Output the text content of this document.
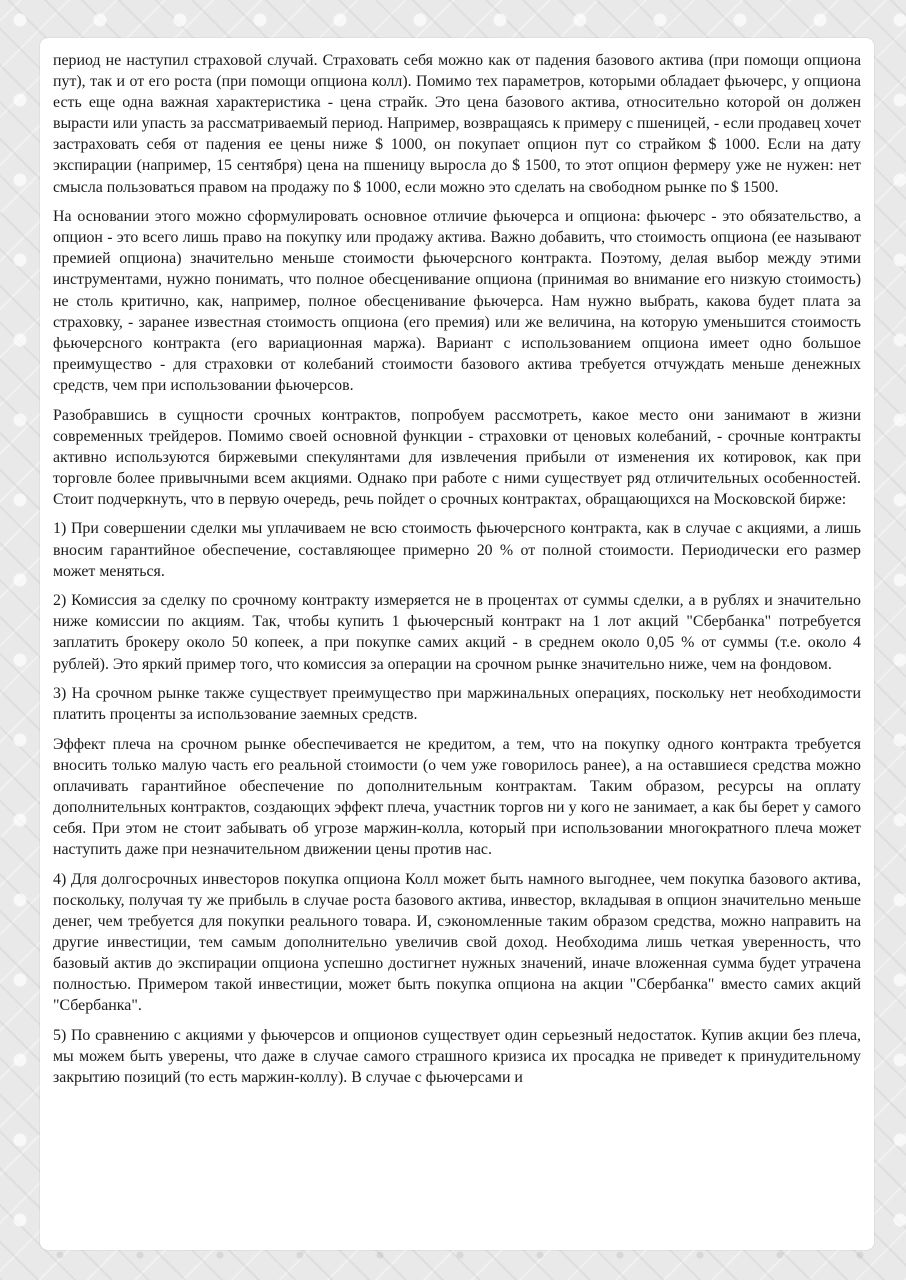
период не наступил страховой случай. Страховать себя можно как от падения базового актива (при помощи опциона пут), так и от его роста (при помощи опциона колл). Помимо тех параметров, которыми обладает фьючерс, у опциона есть еще одна важная характеристика - цена страйк. Это цена базового актива, относительно которой он должен вырасти или упасть за рассматриваемый период. Например, возвращаясь к примеру с пшеницей, - если продавец хочет застраховать себя от падения ее цены ниже $ 1000, он покупает опцион пут со страйком $ 1000. Если на дату экспирации (например, 15 сентября) цена на пшеницу выросла до $ 1500, то этот опцион фермеру уже не нужен: нет смысла пользоваться правом на продажу по $ 1000, если можно это сделать на свободном рынке по $ 1500.

На основании этого можно сформулировать основное отличие фьючерса и опциона: фьючерс - это обязательство, а опцион - это всего лишь право на покупку или продажу актива. Важно добавить, что стоимость опциона (ее называют премией опциона) значительно меньше стоимости фьючерсного контракта. Поэтому, делая выбор между этими инструментами, нужно понимать, что полное обесценивание опциона (принимая во внимание его низкую стоимость) не столь критично, как, например, полное обесценивание фьючерса. Нам нужно выбрать, какова будет плата за страховку, - заранее известная стоимость опциона (его премия) или же величина, на которую уменьшится стоимость фьючерсного контракта (его вариационная маржа). Вариант с использованием опциона имеет одно большое преимущество - для страховки от колебаний стоимости базового актива требуется отчуждать меньше денежных средств, чем при использовании фьючерсов.

Разобравшись в сущности срочных контрактов, попробуем рассмотреть, какое место они занимают в жизни современных трейдеров. Помимо своей основной функции - страховки от ценовых колебаний, - срочные контракты активно используются биржевыми спекулянтами для извлечения прибыли от изменения их котировок, как при торговле более привычными всем акциями. Однако при работе с ними существует ряд отличительных особенностей. Стоит подчеркнуть, что в первую очередь, речь пойдет о срочных контрактах, обращающихся на Московской бирже:

1) При совершении сделки мы уплачиваем не всю стоимость фьючерсного контракта, как в случае с акциями, а лишь вносим гарантийное обеспечение, составляющее примерно 20 % от полной стоимости. Периодически его размер может меняться.

2) Комиссия за сделку по срочному контракту измеряется не в процентах от суммы сделки, а в рублях и значительно ниже комиссии по акциям. Так, чтобы купить 1 фьючерсный контракт на 1 лот акций "Сбербанка" потребуется заплатить брокеру около 50 копеек, а при покупке самих акций - в среднем около 0,05 % от суммы (т.е. около 4 рублей). Это яркий пример того, что комиссия за операции на срочном рынке значительно ниже, чем на фондовом.

3) На срочном рынке также существует преимущество при маржинальных операциях, поскольку нет необходимости платить проценты за использование заемных средств.

Эффект плеча на срочном рынке обеспечивается не кредитом, а тем, что на покупку одного контракта требуется вносить только малую часть его реальной стоимости (о чем уже говорилось ранее), а на оставшиеся средства можно оплачивать гарантийное обеспечение по дополнительным контрактам. Таким образом, ресурсы на оплату дополнительных контрактов, создающих эффект плеча, участник торгов ни у кого не занимает, а как бы берет у самого себя. При этом не стоит забывать об угрозе маржин-колла, который при использовании многократного плеча может наступить даже при незначительном движении цены против нас.

4) Для долгосрочных инвесторов покупка опциона Колл может быть намного выгоднее, чем покупка базового актива, поскольку, получая ту же прибыль в случае роста базового актива, инвестор, вкладывая в опцион значительно меньше денег, чем требуется для покупки реального товара. И, сэкономленные таким образом средства, можно направить на другие инвестиции, тем самым дополнительно увеличив свой доход. Необходима лишь четкая уверенность, что базовый актив до экспирации опциона успешно достигнет нужных значений, иначе вложенная сумма будет утрачена полностью. Примером такой инвестиции, может быть покупка опциона на акции "Сбербанка" вместо самих акций "Сбербанка".

5) По сравнению с акциями у фьючерсов и опционов существует один серьезный недостаток. Купив акции без плеча, мы можем быть уверены, что даже в случае самого страшного кризиса их просадка не приведет к принудительному закрытию позиций (то есть маржин-коллу). В случае с фьючерсами и
